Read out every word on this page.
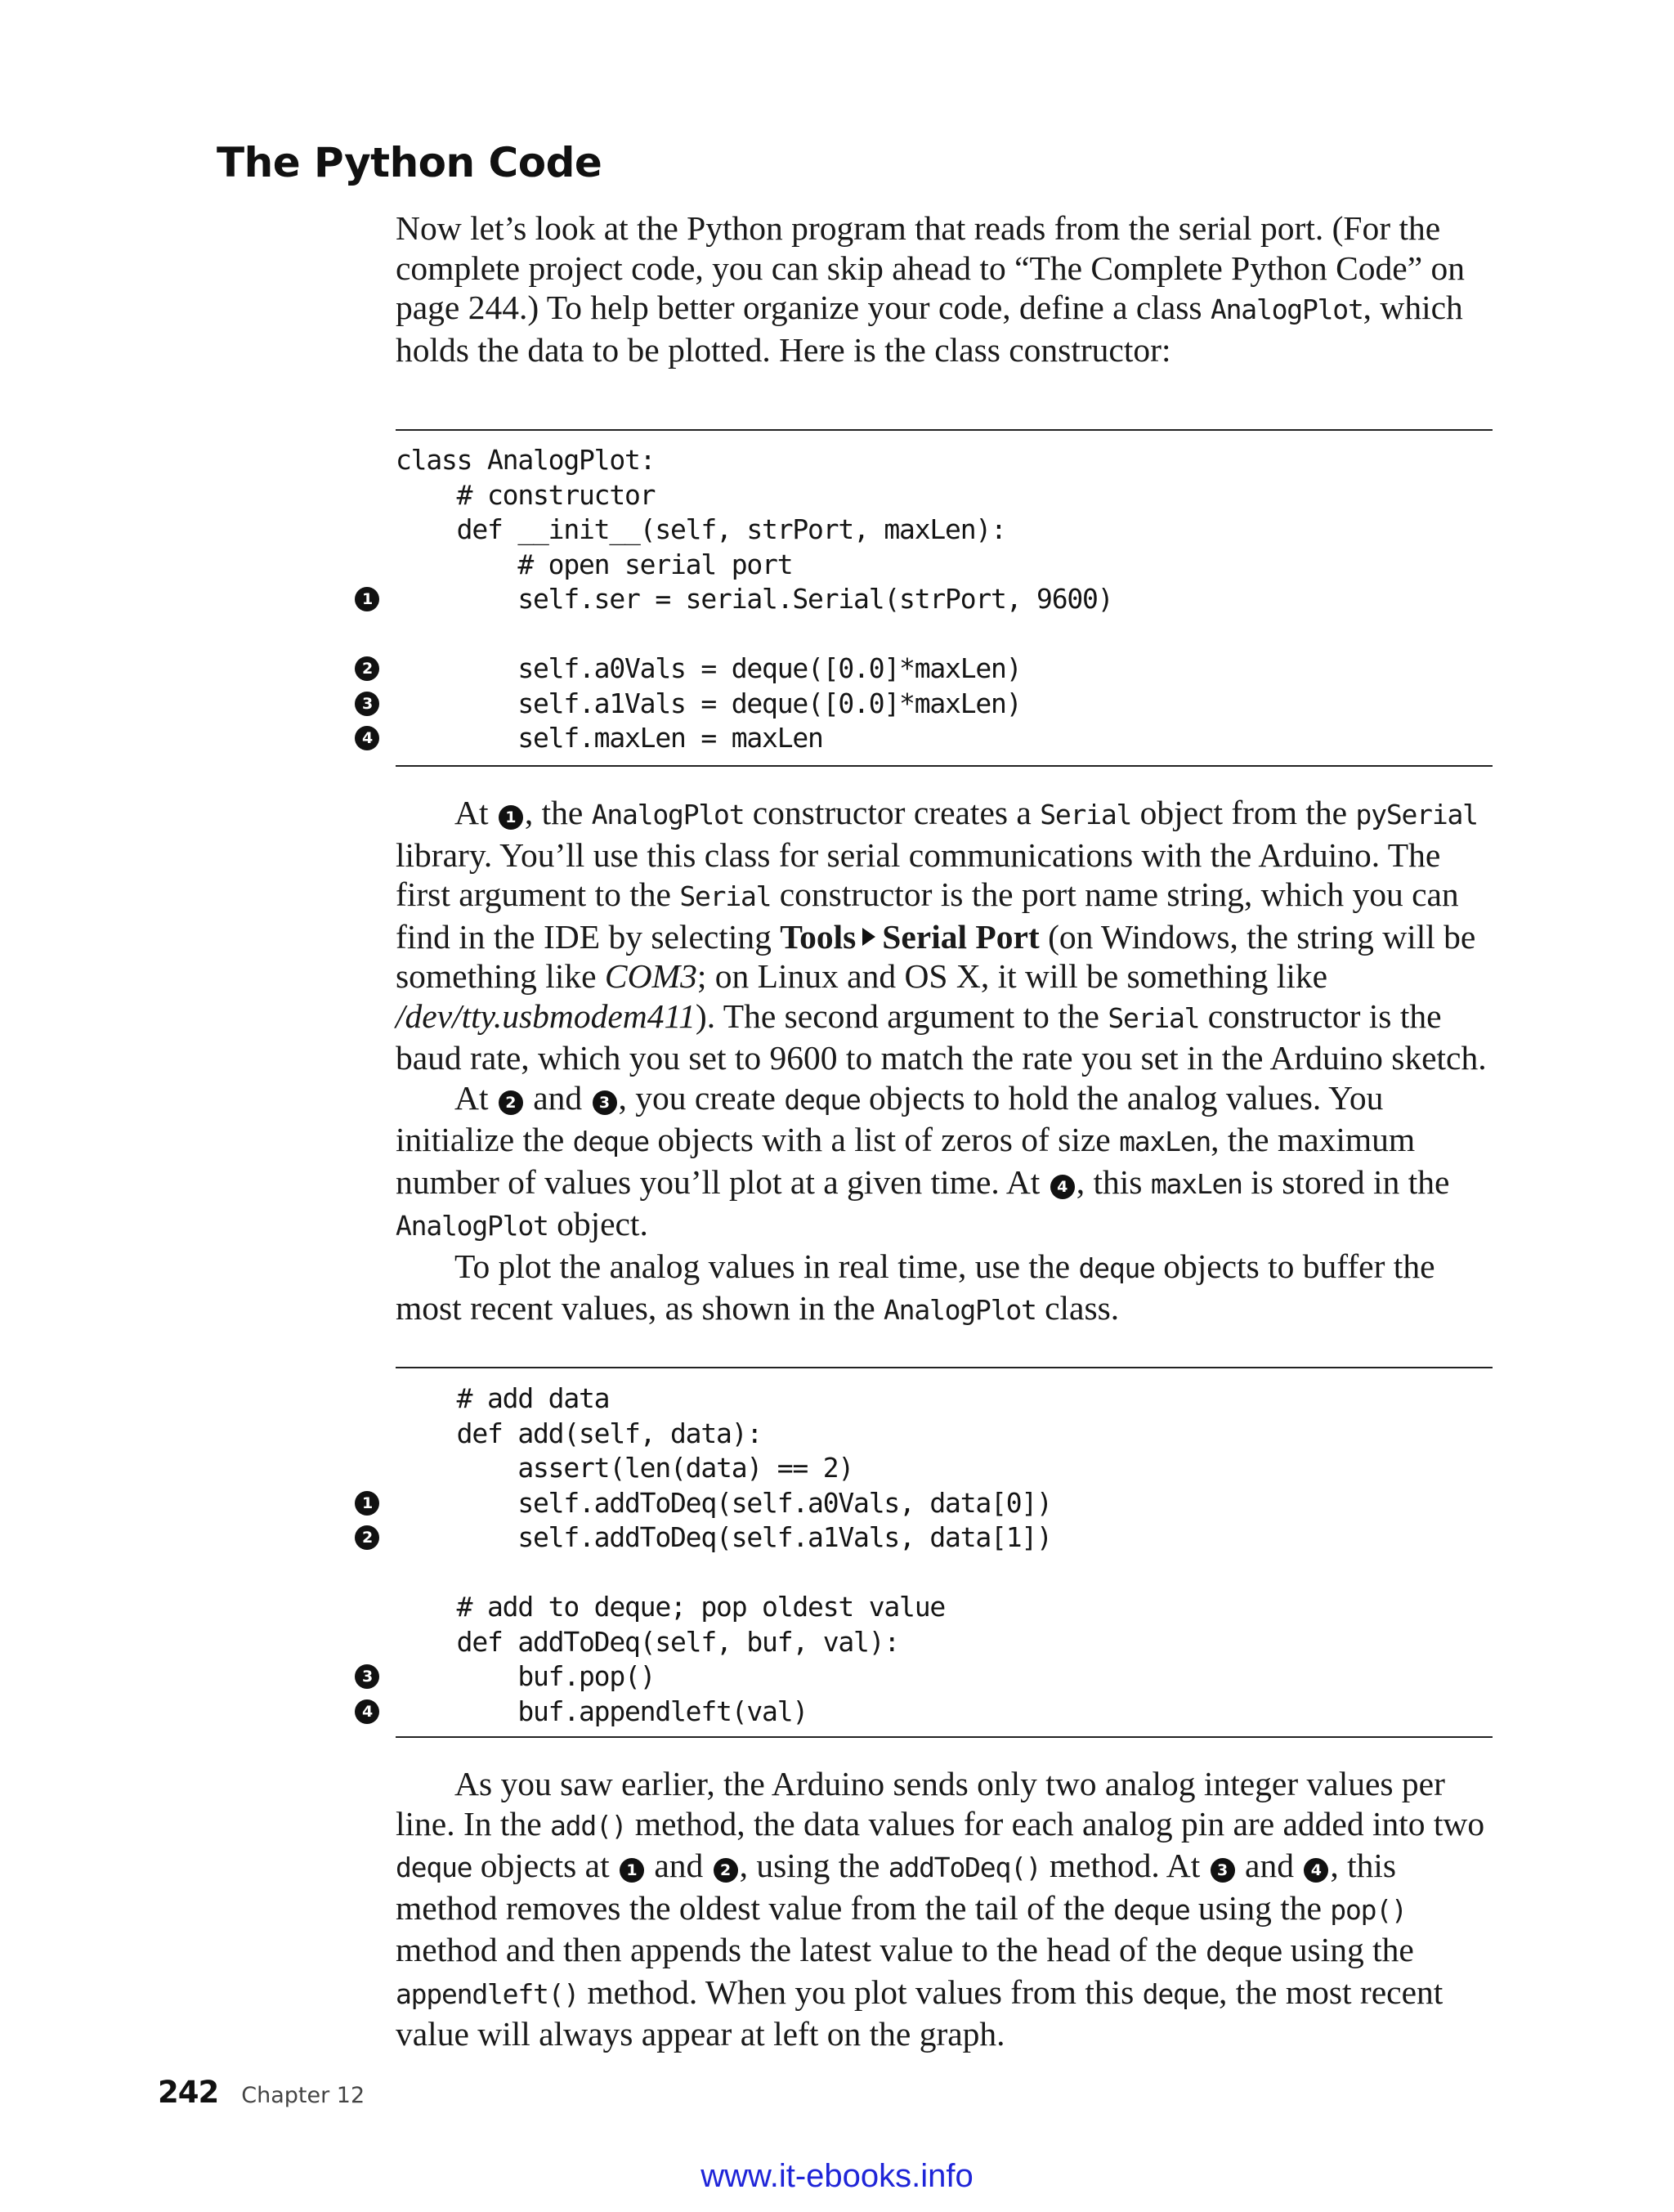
The Python Code

Now let’s look at the Python program that reads from the serial port. (For the complete project code, you can skip ahead to “The Complete Python Code” on page 244.) To help better organize your code, define a class AnalogPlot, which holds the data to be plotted. Here is the class constructor:

class AnalogPlot:
# constructor
def __init__(self, strPort, maxLen):
# open serial port
1 self.ser = serial.Serial(strPort, 9600)
2 self.a0Vals = deque([0.0]*maxLen)
3 self.a1Vals = deque([0.0]*maxLen)
4 self.maxLen = maxLen

At 1 , the AnalogPlot constructor creates a Serial object from the pySerial library. You’ll use this class for serial communications with the Arduino. The first argument to the Serial constructor is the port name string, which you can find in the IDE by selecting Tools Serial Port (on Windows, the string will be something like COM3; on Linux and OS X, it will be something like /dev/tty.usbmodem411). The second argument to the Serial constructor is the baud rate, which you set to 9600 to match the rate you set in the Arduino sketch.

At 2 and 3 , you create deque objects to hold the analog values. You initialize the deque objects with a list of zeros of size maxLen, the maximum number of values you’ll plot at a given time. At 4 , this maxLen is stored in the AnalogPlot object.

To plot the analog values in real time, use the deque objects to buffer the most recent values, as shown in the AnalogPlot class.

# add data
def add(self, data):
assert(len(data) == 2)
1 self.addToDeq(self.a0Vals, data[0])
2 self.addToDeq(self.a1Vals, data[1])
# add to deque; pop oldest value
def addToDeq(self, buf, val):
3 buf.pop()
4 buf.appendleft(val)

As you saw earlier, the Arduino sends only two analog integer values per line. In the add() method, the data values for each analog pin are added into two deque objects at 1 and 2 , using the addToDeq() method. At 3 and 4 , this method removes the oldest value from the tail of the deque using the pop() method and then appends the latest value to the head of the deque using the appendleft() method. When you plot values from this deque, the most recent value will always appear at left on the graph.

242 Chapter 12
www.it-ebooks.info
